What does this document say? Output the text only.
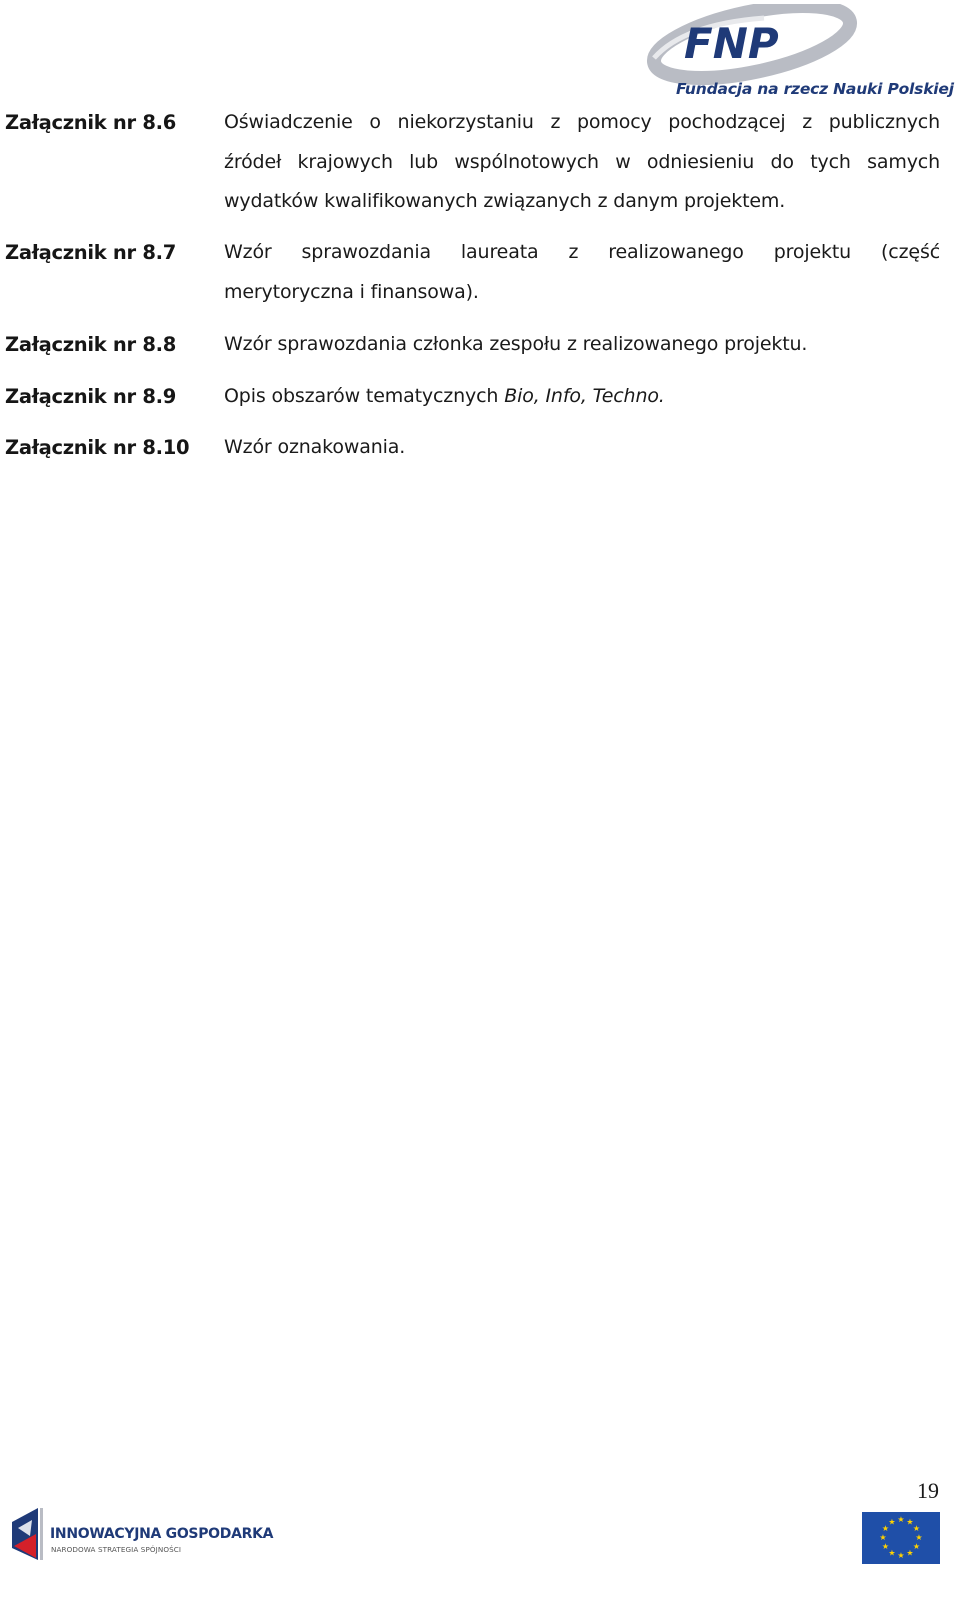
FNP
Fundacja na rzecz Nauki Polskiej
Załącznik nr 8.6	Oświadczenie o niekorzystaniu z pomocy pochodzącej z publicznych
źródeł krajowych lub wspólnotowych w odniesieniu do tych samych
wydatków kwalifikowanych związanych z danym projektem.
Załącznik nr 8.7	Wzór sprawozdania laureata z realizowanego projektu (część
merytoryczna i finansowa).
Załącznik nr 8.8	Wzór sprawozdania członka zespołu z realizowanego projektu.
Załącznik nr 8.9	Opis obszarów tematycznych Bio, Info, Techno.
Załącznik nr 8.10 Wzór oznakowania.
19
INNOWACYJNA GOSPODARKA
NARODOWA STRATEGIA SPÓJNOŚCI
★ ★
★
★
★
★
★
★
★
★
★
★
